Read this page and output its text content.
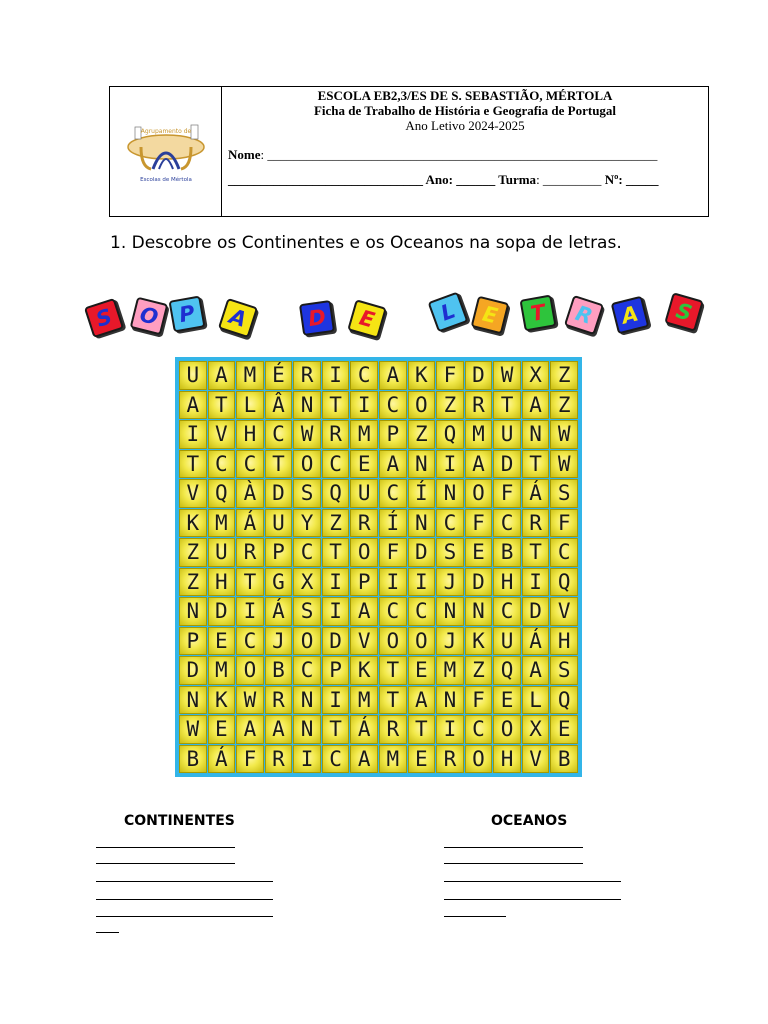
Agrupamento de
Escolas de Mértola
ESCOLA EB2,3/ES DE S. SEBASTIÃO, MÉRTOLA
Ficha de Trabalho de História e Geografia de Portugal
Ano Letivo 2024-2025
Nome: ____________________________________________________________
______________________________ Ano: ______ Turma: _________ Nº: _____
1. Descobre os Continentes e os Oceanos na sopa de letras.
S	O P	A	D	E	L	E	T	R	A	S
U A M É R I C A K F D W X Z
A T L Â N T I C O Z R T A Z
I V H C W R M P Z Q M U N W
T C C T O C E A N I A D T W
V Q À D S Q U C Í N O F Á S
K M Á U Y Z R Í N C F C R F
Z U R P C T O F D S E B T C
Z H T G X I P I I J D H I Q
N D I Á S I A C C N N C D V
P E C J O D V O O J K U Á H
D M O B C P K T E M Z Q A S
N K W R N I M T A N F E L Q
W E A A N T Á R T I C O X E
B Á F R I C A M E R O H V B
CONTINENTES	OCEANOS
